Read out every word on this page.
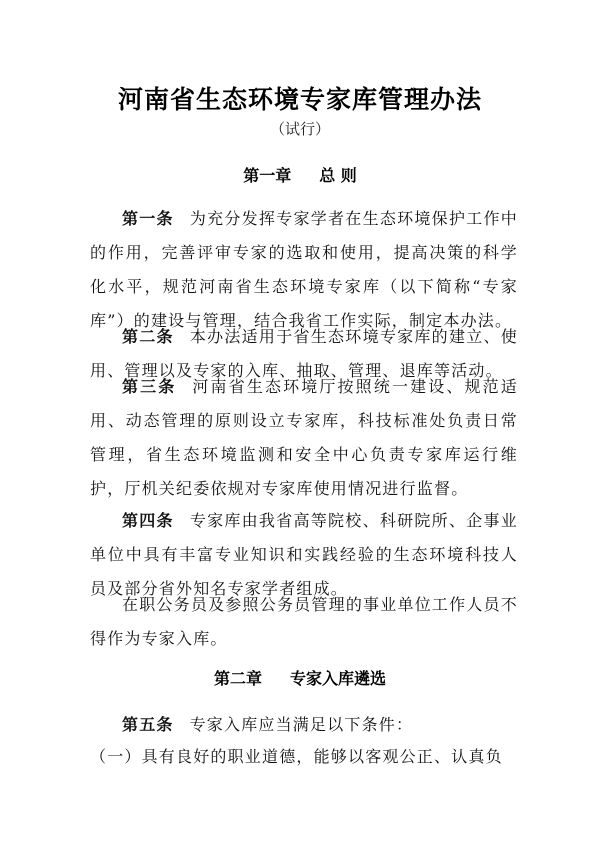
河南省生态环境专家库管理办法
（试行）
第一章 总 则
第一条 为充分发挥专家学者在生态环境保护工作中的作用，完善评审专家的选取和使用，提高决策的科学化水平，规范河南省生态环境专家库（以下简称“专家库”）的建设与管理，结合我省工作实际，制定本办法。
第二条 本办法适用于省生态环境专家库的建立、使用、管理以及专家的入库、抽取、管理、退库等活动。
第三条 河南省生态环境厅按照统一建设、规范适用、动态管理的原则设立专家库，科技标准处负责日常管理，省生态环境监测和安全中心负责专家库运行维护，厅机关纪委依规对专家库使用情况进行监督。
第四条 专家库由我省高等院校、科研院所、企事业单位中具有丰富专业知识和实践经验的生态环境科技人员及部分省外知名专家学者组成。
在职公务员及参照公务员管理的事业单位工作人员不得作为专家入库。
第二章 专家入库遴选
第五条 专家入库应当满足以下条件：
（一）具有良好的职业道德，能够以客观公正、认真负
